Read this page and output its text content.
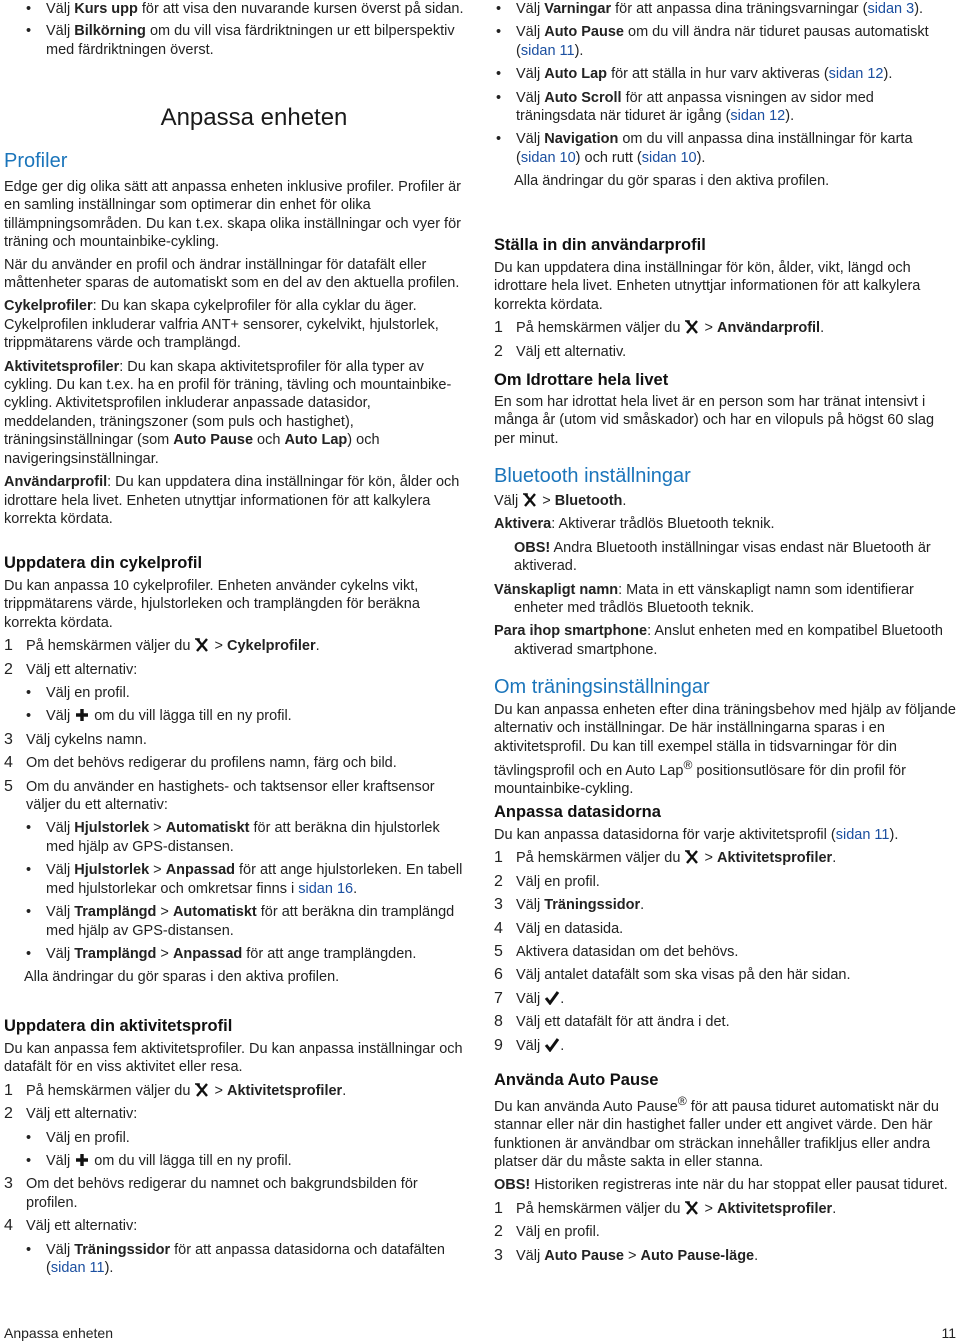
• Välj Kurs upp för att visa den nuvarande kursen överst på sidan.

• Välj Bilkörning om du vill visa färdriktningen ur ett bilperspektiv med färdriktningen överst.

Anpassa enheten
Profiler

Edge ger dig olika sätt att anpassa enheten inklusive profiler. Profiler är en samling inställningar som optimerar din enhet för olika tillämpningsområden. Du kan t.ex. skapa olika inställningar och vyer för träning och mountainbike-cykling.

När du använder en profil och ändrar inställningar för datafält eller måttenheter sparas de automatiskt som en del av den aktuella profilen.

Cykelprofiler: Du kan skapa cykelprofiler för alla cyklar du äger. Cykelprofilen inkluderar valfria ANT+ sensorer, cykelvikt, hjulstorlek, trippmätarens värde och tramplängd.

Aktivitetsprofiler: Du kan skapa aktivitetsprofiler för alla typer av cykling. Du kan t.ex. ha en profil för träning, tävling och mountainbike-cykling. Aktivitetsprofilen inkluderar anpassade datasidor, meddelanden, träningszoner (som puls och hastighet), träningsinställningar (som Auto Pause och Auto Lap) och navigeringsinställningar.

Användarprofil: Du kan uppdatera dina inställningar för kön, ålder och idrottare hela livet. Enheten utnyttjar informationen för att kalkylera korrekta kördata.

Uppdatera din cykelprofil

Du kan anpassa 10 cykelprofiler. Enheten använder cykelns vikt, trippmätarens värde, hjulstorleken och tramplängden för beräkna korrekta kördata.

1 På hemskärmen väljer du  > Cykelprofiler.

2 Välj ett alternativ:

• Välj en profil.

• Välj  om du vill lägga till en ny profil.

3 Välj cykelns namn.

4 Om det behövs redigerar du profilens namn, färg och bild.

5 Om du använder en hastighets- och taktsensor eller kraftsensor väljer du ett alternativ:

• Välj Hjulstorlek > Automatiskt för att beräkna din hjulstorlek med hjälp av GPS-distansen.

• Välj Hjulstorlek > Anpassad för att ange hjulstorleken. En tabell med hjulstorlekar och omkretsar finns i sidan 16.

• Välj Tramplängd > Automatiskt för att beräkna din tramplängd med hjälp av GPS-distansen.

• Välj Tramplängd > Anpassad för att ange tramplängden.

Alla ändringar du gör sparas i den aktiva profilen.

Uppdatera din aktivitetsprofil

Du kan anpassa fem aktivitetsprofiler. Du kan anpassa inställningar och datafält för en viss aktivitet eller resa.

1 På hemskärmen väljer du  > Aktivitetsprofiler.

2 Välj ett alternativ:

• Välj en profil.

• Välj  om du vill lägga till en ny profil.

3 Om det behövs redigerar du namnet och bakgrundsbilden för profilen.

4 Välj ett alternativ:

• Välj Träningssidor för att anpassa datasidorna och datafälten (sidan 11).

• Välj Varningar för att anpassa dina träningsvarningar (sidan 3).

• Välj Auto Pause om du vill ändra när tiduret pausas automatiskt (sidan 11).

• Välj Auto Lap för att ställa in hur varv aktiveras (sidan 12).

• Välj Auto Scroll för att anpassa visningen av sidor med träningsdata när tiduret är igång (sidan 12).

• Välj Navigation om du vill anpassa dina inställningar för karta (sidan 10) och rutt (sidan 10).

Alla ändringar du gör sparas i den aktiva profilen.

Ställa in din användarprofil

Du kan uppdatera dina inställningar för kön, ålder, vikt, längd och idrottare hela livet. Enheten utnyttjar informationen för att kalkylera korrekta kördata.

1 På hemskärmen väljer du  > Användarprofil.

2 Välj ett alternativ.

Om Idrottare hela livet

En som har idrottat hela livet är en person som har tränat intensivt i många år (utom vid småskador) och har en vilopuls på högst 60 slag per minut.

Bluetooth inställningar

Välj  > Bluetooth.

Aktivera: Aktiverar trådlös Bluetooth teknik.

OBS! Andra Bluetooth inställningar visas endast när Bluetooth är aktiverad.

Vänskapligt namn: Mata in ett vänskapligt namn som identifierar enheter med trådlös Bluetooth teknik.

Para ihop smartphone: Anslut enheten med en kompatibel Bluetooth aktiverad smartphone.

Om träningsinställningar

Du kan anpassa enheten efter dina träningsbehov med hjälp av följande alternativ och inställningar. De här inställningarna sparas i en aktivitetsprofil. Du kan till exempel ställa in tidsvarningar för din tävlingsprofil och en Auto Lap® positionsutlösare för din profil för mountainbike-cykling.

Anpassa datasidorna

Du kan anpassa datasidorna för varje aktivitetsprofil (sidan 11).

1 På hemskärmen väljer du  > Aktivitetsprofiler.

2 Välj en profil.

3 Välj Träningssidor.

4 Välj en datasida.

5 Aktivera datasidan om det behövs.

6 Välj antalet datafält som ska visas på den här sidan.

7 Välj .

8 Välj ett datafält för att ändra i det.

9 Välj .

Använda Auto Pause

Du kan använda Auto Pause® för att pausa tiduret automatiskt när du stannar eller när din hastighet faller under ett angivet värde. Den här funktionen är användbar om sträckan innehåller trafikljus eller andra platser där du måste sakta in eller stanna.

OBS! Historiken registreras inte när du har stoppat eller pausat tiduret.

1 På hemskärmen väljer du  > Aktivitetsprofiler.

2 Välj en profil.

3 Välj Auto Pause > Auto Pause-läge.

Anpassa enheten	11
